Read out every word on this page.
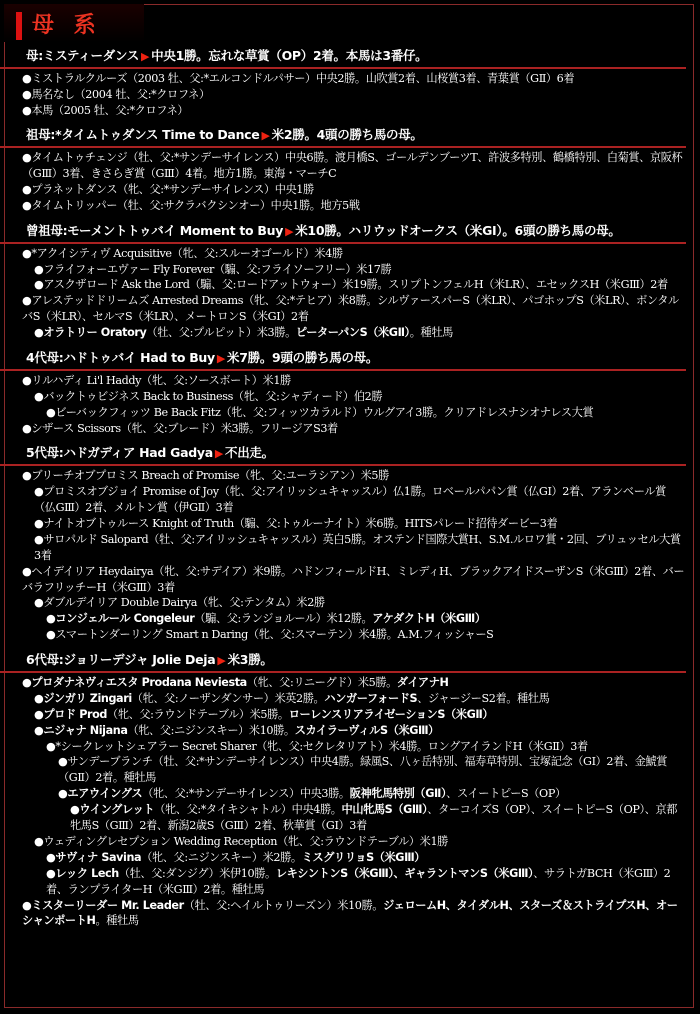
母 系
母:ミスティーダンス ▶ 中央1勝。忘れな草賞（OP）2着。本馬は3番仔。
●ミストラルクルーズ（2003 牡、父:*エルコンドルパサー）中央2勝。山吹賞2着、山桜賞3着、青葉賞（GⅡ）6着
●馬名なし（2004 牡、父:*クロフネ）
●本馬（2005 牡、父:*クロフネ）
祖母:*タイムトゥダンス Time to Dance ▶ 米2勝。4頭の勝ち馬の母。
●タイムトゥチェンジ（牡、父:*サンデーサイレンス）中央6勝。渡月橋S、ゴールデンブーツT、許波多特別、鶴橋特別、白菊賞、京阪杯（GⅢ）3着、きさらぎ賞（GⅢ）4着。地方1勝。東海・マーチC
●プラネットダンス（牝、父:*サンデーサイレンス）中央1勝
●タイムトリッパー（牡、父:サクラバクシンオー）中央1勝。地方5戦
曾祖母:モーメントトゥバイ Moment to Buy ▶ 米10勝。ハリウッドオークス（米GI）。6頭の勝ち馬の母。
●*アクイシティヴ Acquisitive（牝、父:スルーオゴールド）米4勝
●フライフォーエヴァー Fly Forever（騸、父:フライソーフリー）米17勝
●アスクザロード Ask the Lord（騸、父:ロードアットウォー）米19勝。スリプトンフェルH（米LR）、エセックスH（米GⅢ）2着
●アレステッドドリームズ Arrested Dreams（牝、父:*テヒア）米8勝。シルヴァースパーS（米LR）、パゴホップS（米LR）、ボンタルバS（米LR）、セルマS（米LR）、メートロンS（米GI）2着
●オラトリー Oratory（牡、父:プルピット）米3勝。ピーターパンS（米GⅡ）。種牡馬
4代母:ハドトゥバイ Had to Buy ▶ 米7勝。9頭の勝ち馬の母。
●リルハディ Li'l Haddy（牝、父:ソースボート）米1勝
●バックトゥビジネス Back to Business（牝、父:シャディード）伯2勝
●ビーバックフィッツ Be Back Fitz（牝、父:フィッツカラルド）ウルグアイ3勝。クリアドレスナシオナレス大賞
●シザース Scissors（牝、父:ブレード）米3勝。フリージアS3着
5代母:ハドガディア Had Gadya ▶ 不出走。
●ブリーチオブプロミス Breach of Promise（牝、父:ユーラシアン）米5勝
●プロミスオブジョイ Promise of Joy（牝、父:アイリッシュキャッスル）仏1勝。ロベールパパン賞（仏GI）2着、アランベール賞（仏GⅢ）2着、メルトン賞（伊GⅡ）3着
●ナイトオブトゥルース Knight of Truth（騸、父:トゥルーナイト）米6勝。HITSパレード招待ダービー3着
●サロパルド Salopard（牡、父:アイリッシュキャッスル）英白5勝。オステンド国際大賞H、S.M.ルロワ賞・2回、ブリュッセル大賞3着
●ヘイデイリア Heydairya（牝、父:サデイア）米9勝。ハドンフィールドH、ミレディH、ブラックアイドスーザンS（米GⅢ）2着、バーバラフリッチーH（米GⅢ）3着
●ダブルデイリア Double Dairya（牝、父:テンタム）米2勝
●コンジェルール Congeleur（騸、父:ランジョルール）米12勝。アケダクトH（米GⅢ）
●スマートンダーリング Smart n Daring（牝、父:スマーテン）米4勝。A.M.フィッシャーS
6代母:ジョリーデジャ Jolie Deja ▶ 米3勝。
●プロダナネヴィエスタ Prodana Neviesta（牝、父:リニーグド）米5勝。ダイアナH
●ジンガリ Zingari（牝、父:ノーザンダンサー）米英2勝。ハンガーフォードS、ジャージーS2着。種牡馬
●プロド Prod（牝、父:ラウンドテーブル）米5勝。ローレンスリアライゼーションS（米GⅡ）
●ニジャナ Nijana（牝、父:ニジンスキー）米10勝。スカイラーヴィルS（米GⅢ）
●*シークレットシェアラー Secret Sharer（牝、父:セクレタリアト）米4勝。ロングアイランドH（米GⅡ）3着
●サンデーブランチ（牡、父:*サンデーサイレンス）中央4勝。緑風S、八ヶ岳特別、福寿草特別、宝塚記念（GI）2着、金鯱賞（GⅡ）2着。種牡馬
●エアウイングス（牝、父:*サンデーサイレンス）中央3勝。阪神牝馬特別（GⅡ）、スイートピーS（OP）
●ウイングレット（牝、父:*タイキシャトル）中央4勝。中山牝馬S（GⅢ）、ターコイズS（OP）、スイートピーS（OP）、京都牝馬S（GⅢ）2着、新潟2歳S（GⅢ）2着、秋華賞（GI）3着
●ウェディングレセプション Wedding Reception（牝、父:ラウンドテーブル）米1勝
●サヴィナ Savina（牝、父:ニジンスキー）米2勝。ミスグリリョS（米GⅢ）
●レック Lech（牡、父:ダンジグ）米伊10勝。レキシントンS（米GⅢ）、ギャラントマンS（米GⅢ）、サラトガBCH（米GⅢ）2着、ランプライターH（米GⅢ）2着。種牡馬
●ミスターリーダー Mr. Leader（牡、父:ヘイルトゥリーズン）米10勝。ジェロームH、タイダルH、スターズ＆ストライプスH、オーシャンポートH。種牡馬
